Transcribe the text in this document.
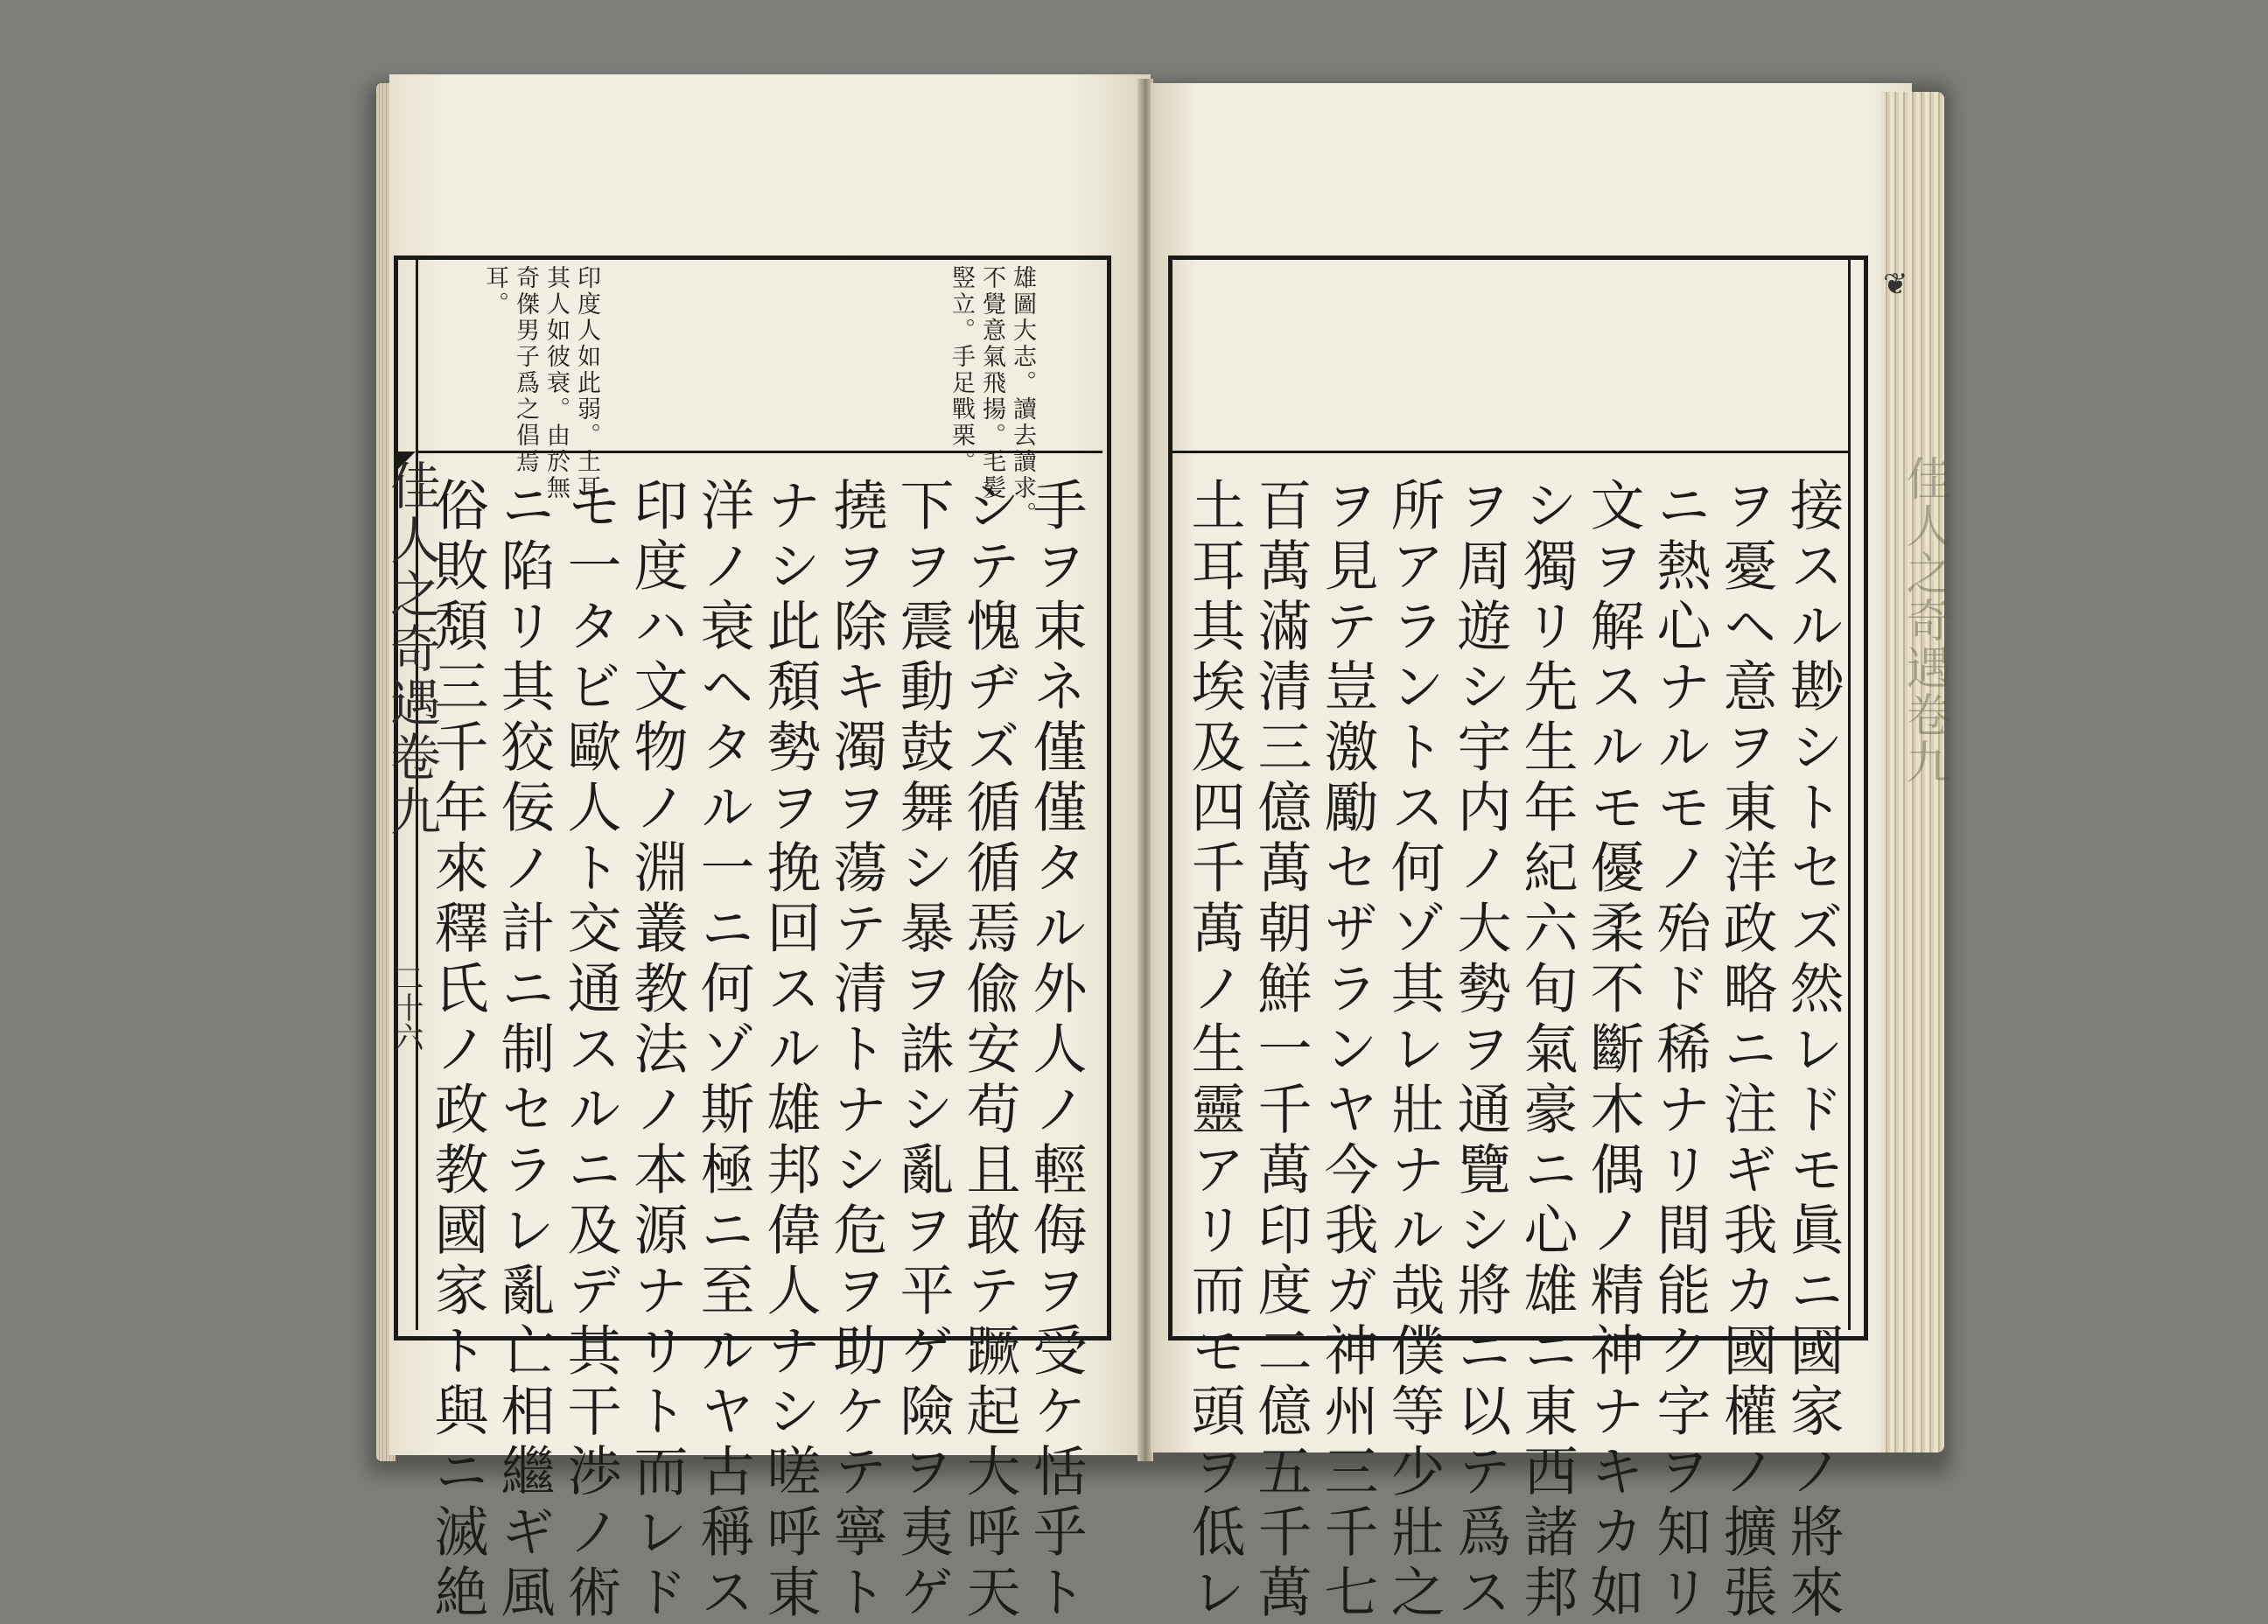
❦
佳人之奇遇卷九
佳人之奇遇卷九
二十六
雄圖大志。讀去讀求。
不覺意氣飛揚。毛髪
竪立。手足戰栗。
印度人如此弱。土耳
其人如彼衰。由於無
奇傑男子爲之倡焉
耳。
手ヲ束ネ僅僅タル外人ノ輕侮ヲ受ケ恬乎ト
シテ愧ヂズ循循焉偸安苟且敢テ蹶起大呼天
下ヲ震動鼓舞シ暴ヲ誅シ亂ヲ平ゲ險ヲ夷ゲ
撓ヲ除キ濁ヲ蕩テ清トナシ危ヲ助ケテ寧ト
ナシ此頽勢ヲ挽回スル雄邦偉人ナシ嗟呼東
洋ノ衰ヘタル一ニ何ゾ斯極ニ至ルヤ古稱ス
印度ハ文物ノ淵叢教法ノ本源ナリト而レド
モ一タビ歐人ト交通スルニ及デ其干渉ノ術
ニ陷リ其狡佞ノ計ニ制セラレ亂亡相繼ギ風
俗敗頽三千年來釋氏ノ政教國家ト與ニ滅絶	接スル尠シトセズ然レドモ眞ニ國家ノ將來
ヲ憂ヘ意ヲ東洋政略ニ注ギ我カ國權ノ擴張
ニ熱心ナルモノ殆ド稀ナリ間能ク字ヲ知リ
文ヲ解スルモ優柔不斷木偶ノ精神ナキカ如
シ獨リ先生年紀六旬氣豪ニ心雄ニ東西諸邦
ヲ周遊シ宇内ノ大勢ヲ通覽シ將ニ以テ爲ス
所アラントス何ゾ其レ壯ナル哉僕等少壯之
ヲ見テ豈激勵セザランヤ今我ガ神州三千七
百萬滿清三億萬朝鮮一千萬印度二億五千萬
土耳其埃及四千萬ノ生靈アリ而モ頭ヲ低レ
